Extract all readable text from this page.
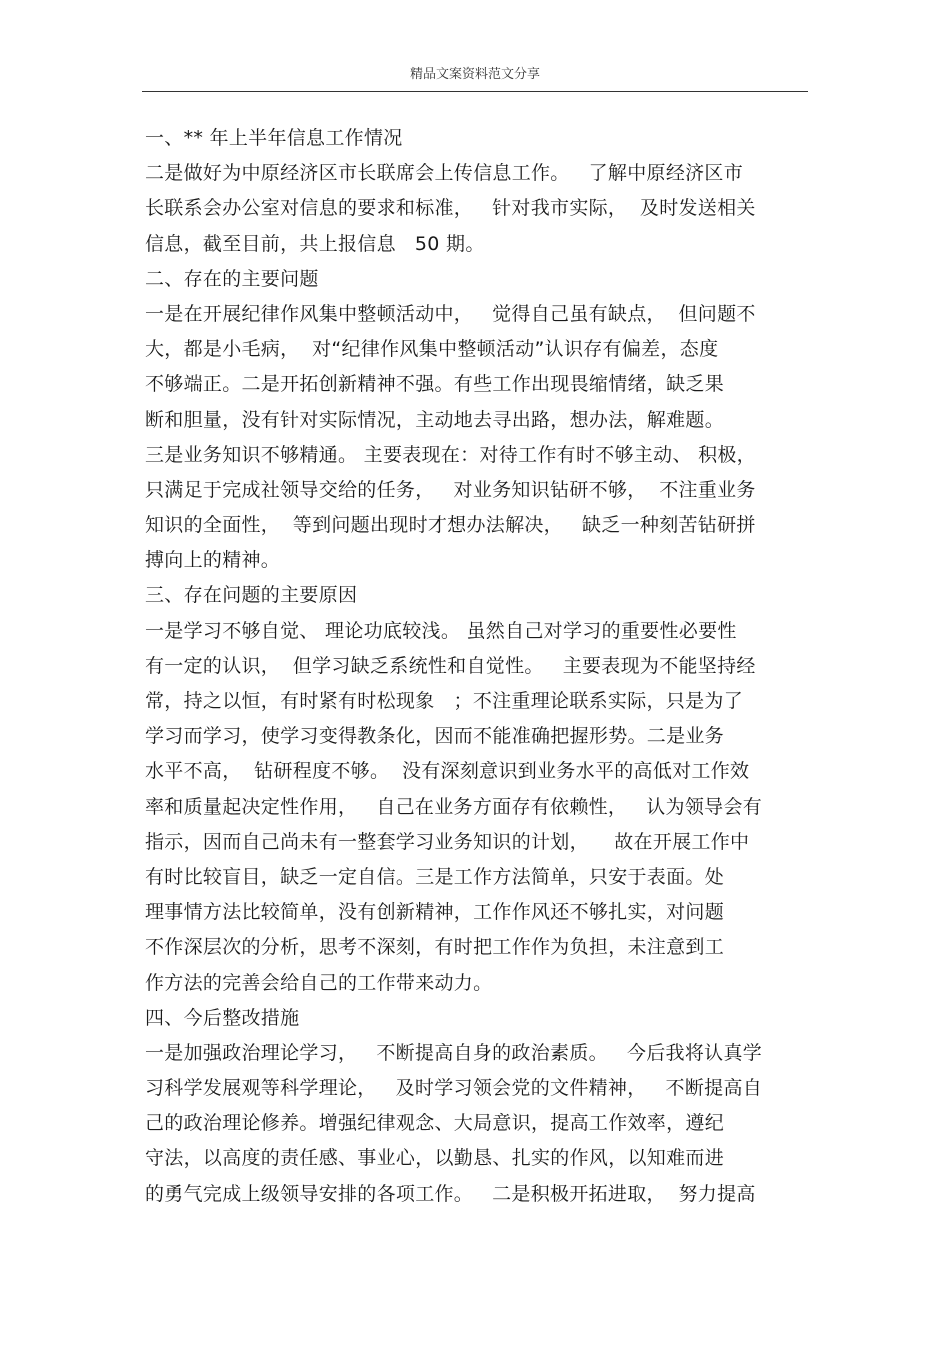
精品文案资料范文分享
一、** 年上半年信息工作情况
二是做好为中原经济区市长联席会上传信息工作。   了解中原经济区市
长联系会办公室对信息的要求和标准，   针对我市实际，  及时发送相关
信息，截至目前，共上报信息   50 期。
二、存在的主要问题
一是在开展纪律作风集中整顿活动中，   觉得自己虽有缺点，  但问题不
大，都是小毛病，  对“纪律作风集中整顿活动”认识存有偏差，态度
不够端正。二是开拓创新精神不强。有些工作出现畏缩情绪，缺乏果
断和胆量，没有针对实际情况，主动地去寻出路，想办法，解难题。
三是业务知识不够精通。 主要表现在：对待工作有时不够主动、 积极，
只满足于完成社领导交给的任务，   对业务知识钻研不够，  不注重业务
知识的全面性，  等到问题出现时才想办法解决，   缺乏一种刻苦钻研拼
搏向上的精神。
三、存在问题的主要原因
一是学习不够自觉、 理论功底较浅。 虽然自己对学习的重要性必要性
有一定的认识，  但学习缺乏系统性和自觉性。   主要表现为不能坚持经
常，持之以恒，有时紧有时松现象   ；不注重理论联系实际，只是为了
学习而学习，使学习变得教条化，因而不能准确把握形势。二是业务
水平不高，  钻研程度不够。  没有深刻意识到业务水平的高低对工作效
率和质量起决定性作用，   自己在业务方面存有依赖性，   认为领导会有
指示，因而自己尚未有一整套学习业务知识的计划，    故在开展工作中
有时比较盲目，缺乏一定自信。三是工作方法简单，只安于表面。处
理事情方法比较简单，没有创新精神，工作作风还不够扎实，对问题
不作深层次的分析，思考不深刻，有时把工作作为负担，未注意到工
作方法的完善会给自己的工作带来动力。
四、今后整改措施
一是加强政治理论学习，   不断提高自身的政治素质。   今后我将认真学
习科学发展观等科学理论，   及时学习领会党的文件精神，   不断提高自
己的政治理论修养。增强纪律观念、大局意识，提高工作效率，遵纪
守法，以高度的责任感、事业心，以勤恳、扎实的作风，以知难而进
的勇气完成上级领导安排的各项工作。   二是积极开拓进取，  努力提高
